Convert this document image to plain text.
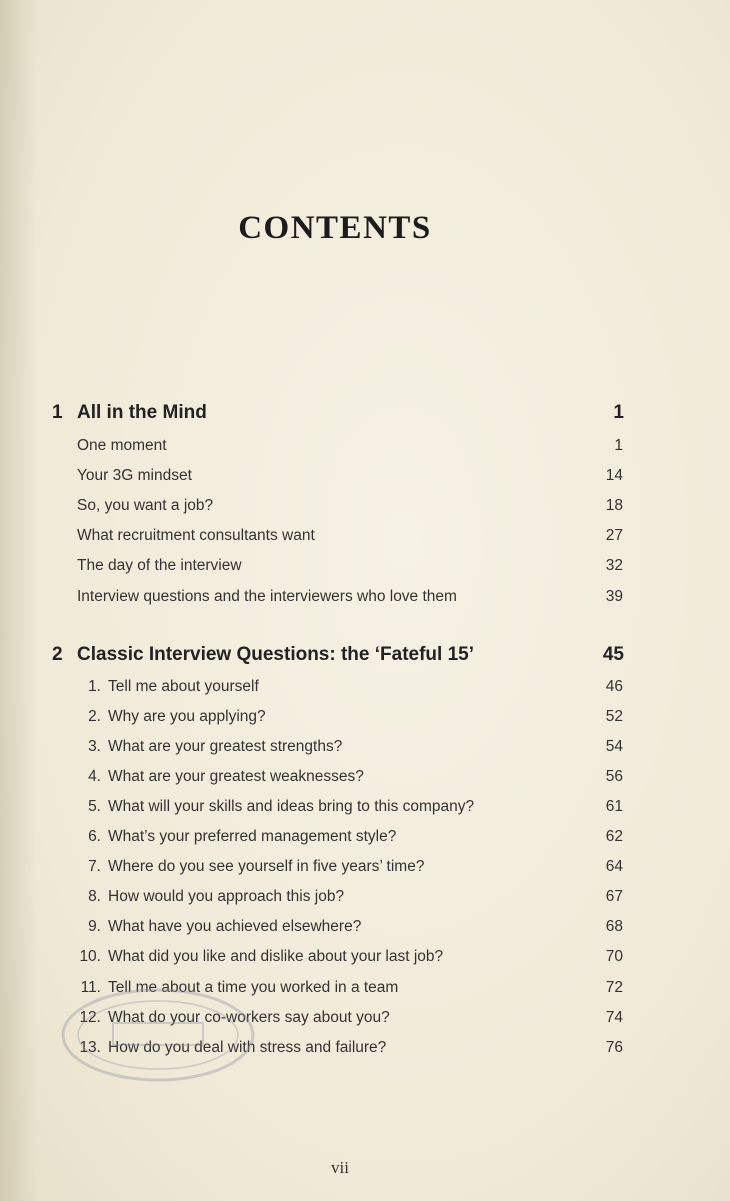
CONTENTS
1 All in the Mind	1
One moment	1
Your 3G mindset	14
So, you want a job?	18
What recruitment consultants want	27
The day of the interview	32
Interview questions and the interviewers who love them	39
2 Classic Interview Questions: the ‘Fateful 15’	45
1. Tell me about yourself	46
2. Why are you applying?	52
3. What are your greatest strengths?	54
4. What are your greatest weaknesses?	56
5. What will your skills and ideas bring to this company?	61
6. What’s your preferred management style?	62
7. Where do you see yourself in five years’ time?	64
8. How would you approach this job?	67
9. What have you achieved elsewhere?	68
10. What did you like and dislike about your last job?	70
11. Tell me about a time you worked in a team	72
12. What do your co-workers say about you?	74
13. How do you deal with stress and failure?	76
vii
